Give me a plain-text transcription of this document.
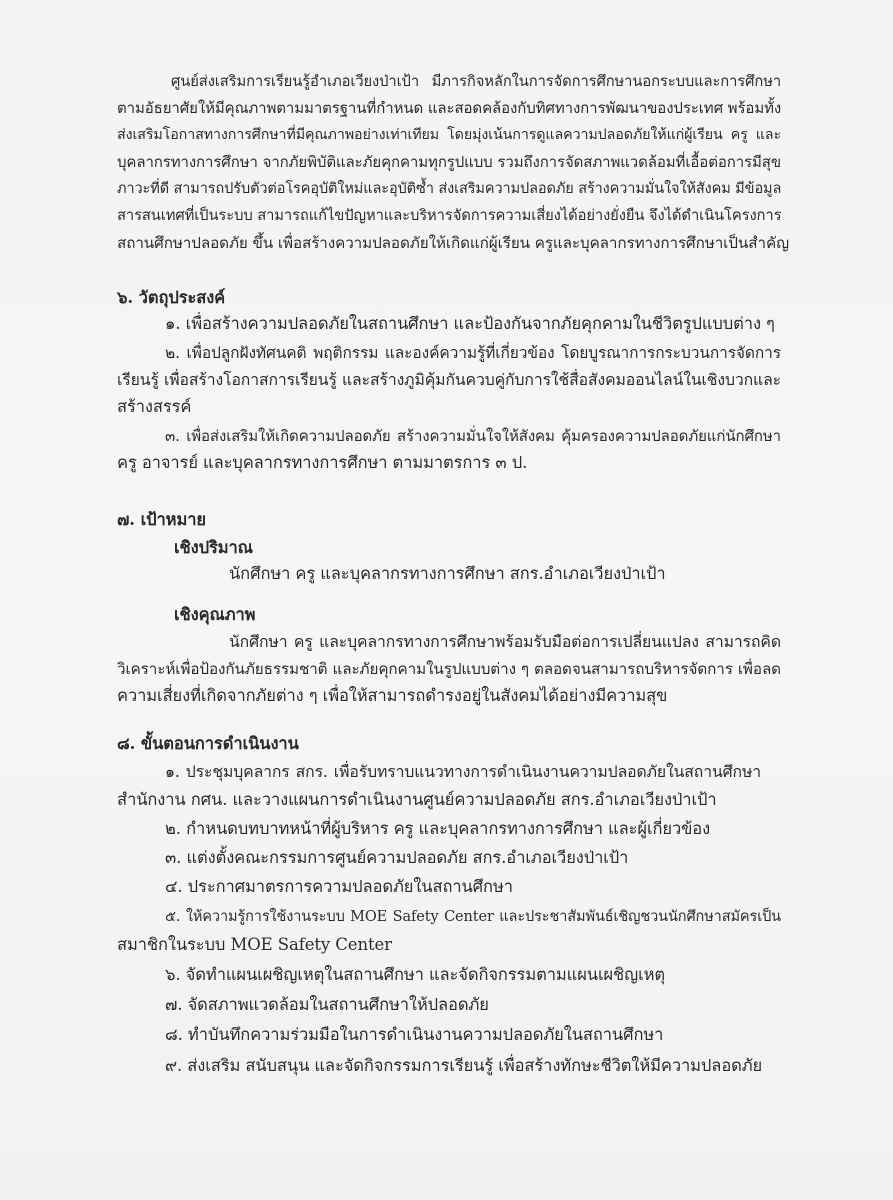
ศูนย์ส่งเสริมการเรียนรู้อำเภอเวียงป่าเป้า มีภารกิจหลักในการจัดการศึกษานอกระบบและการศึกษา
ตามอัธยาศัยให้มีคุณภาพตามมาตรฐานที่กำหนด และสอดคล้องกับทิศทางการพัฒนาของประเทศ พร้อมทั้ง
ส่งเสริมโอกาสทางการศึกษาที่มีคุณภาพอย่างเท่าเทียม โดยมุ่งเน้นการดูแลความปลอดภัยให้แก่ผู้เรียน ครู และ
บุคลากรทางการศึกษา จากภัยพิบัติและภัยคุกคามทุกรูปแบบ รวมถึงการจัดสภาพแวดล้อมที่เอื้อต่อการมีสุข
ภาวะที่ดี สามารถปรับตัวต่อโรคอุบัติใหม่และอุบัติซ้ำ ส่งเสริมความปลอดภัย สร้างความมั่นใจให้สังคม มีข้อมูล
สารสนเทศที่เป็นระบบ สามารถแก้ไขปัญหาและบริหารจัดการความเสี่ยงได้อย่างยั่งยืน จึงได้ดำเนินโครงการ
สถานศึกษาปลอดภัย ขึ้น เพื่อสร้างความปลอดภัยให้เกิดแก่ผู้เรียน ครูและบุคลากรทางการศึกษาเป็นสำคัญ
๖. วัตถุประสงค์
๑. เพื่อสร้างความปลอดภัยในสถานศึกษา และป้องกันจากภัยคุกคามในชีวิตรูปแบบต่าง ๆ
๒. เพื่อปลูกฝังทัศนคติ พฤติกรรม และองค์ความรู้ที่เกี่ยวข้อง โดยบูรณาการกระบวนการจัดการ
เรียนรู้ เพื่อสร้างโอกาสการเรียนรู้ และสร้างภูมิคุ้มกันควบคู่กับการใช้สื่อสังคมออนไลน์ในเชิงบวกและ
สร้างสรรค์
๓. เพื่อส่งเสริมให้เกิดความปลอดภัย สร้างความมั่นใจให้สังคม คุ้มครองความปลอดภัยแก่นักศึกษา
ครู อาจารย์ และบุคลากรทางการศึกษา ตามมาตรการ ๓ ป.
๗. เป้าหมาย
เชิงปริมาณ
นักศึกษา ครู และบุคลากรทางการศึกษา สกร.อำเภอเวียงป่าเป้า
เชิงคุณภาพ
นักศึกษา ครู และบุคลากรทางการศึกษาพร้อมรับมือต่อการเปลี่ยนแปลง สามารถคิด
วิเคราะห์เพื่อป้องกันภัยธรรมชาติ และภัยคุกคามในรูปแบบต่าง ๆ ตลอดจนสามารถบริหารจัดการ เพื่อลด
ความเสี่ยงที่เกิดจากภัยต่าง ๆ เพื่อให้สามารถดำรงอยู่ในสังคมได้อย่างมีความสุข
๘. ขั้นตอนการดำเนินงาน
๑. ประชุมบุคลากร สกร. เพื่อรับทราบแนวทางการดำเนินงานความปลอดภัยในสถานศึกษา
สำนักงาน กศน. และวางแผนการดำเนินงานศูนย์ความปลอดภัย สกร.อำเภอเวียงป่าเป้า
๒. กำหนดบทบาทหน้าที่ผู้บริหาร ครู และบุคลากรทางการศึกษา และผู้เกี่ยวข้อง
๓. แต่งตั้งคณะกรรมการศูนย์ความปลอดภัย สกร.อำเภอเวียงป่าเป้า
๔. ประกาศมาตรการความปลอดภัยในสถานศึกษา
๕. ให้ความรู้การใช้งานระบบ MOE Safety Center และประชาสัมพันธ์เชิญชวนนักศึกษาสมัครเป็น
สมาชิกในระบบ MOE Safety Center
๖. จัดทำแผนเผชิญเหตุในสถานศึกษา และจัดกิจกรรมตามแผนเผชิญเหตุ
๗. จัดสภาพแวดล้อมในสถานศึกษาให้ปลอดภัย
๘. ทำบันทึกความร่วมมือในการดำเนินงานความปลอดภัยในสถานศึกษา
๙. ส่งเสริม สนับสนุน และจัดกิจกรรมการเรียนรู้ เพื่อสร้างทักษะชีวิตให้มีความปลอดภัย
